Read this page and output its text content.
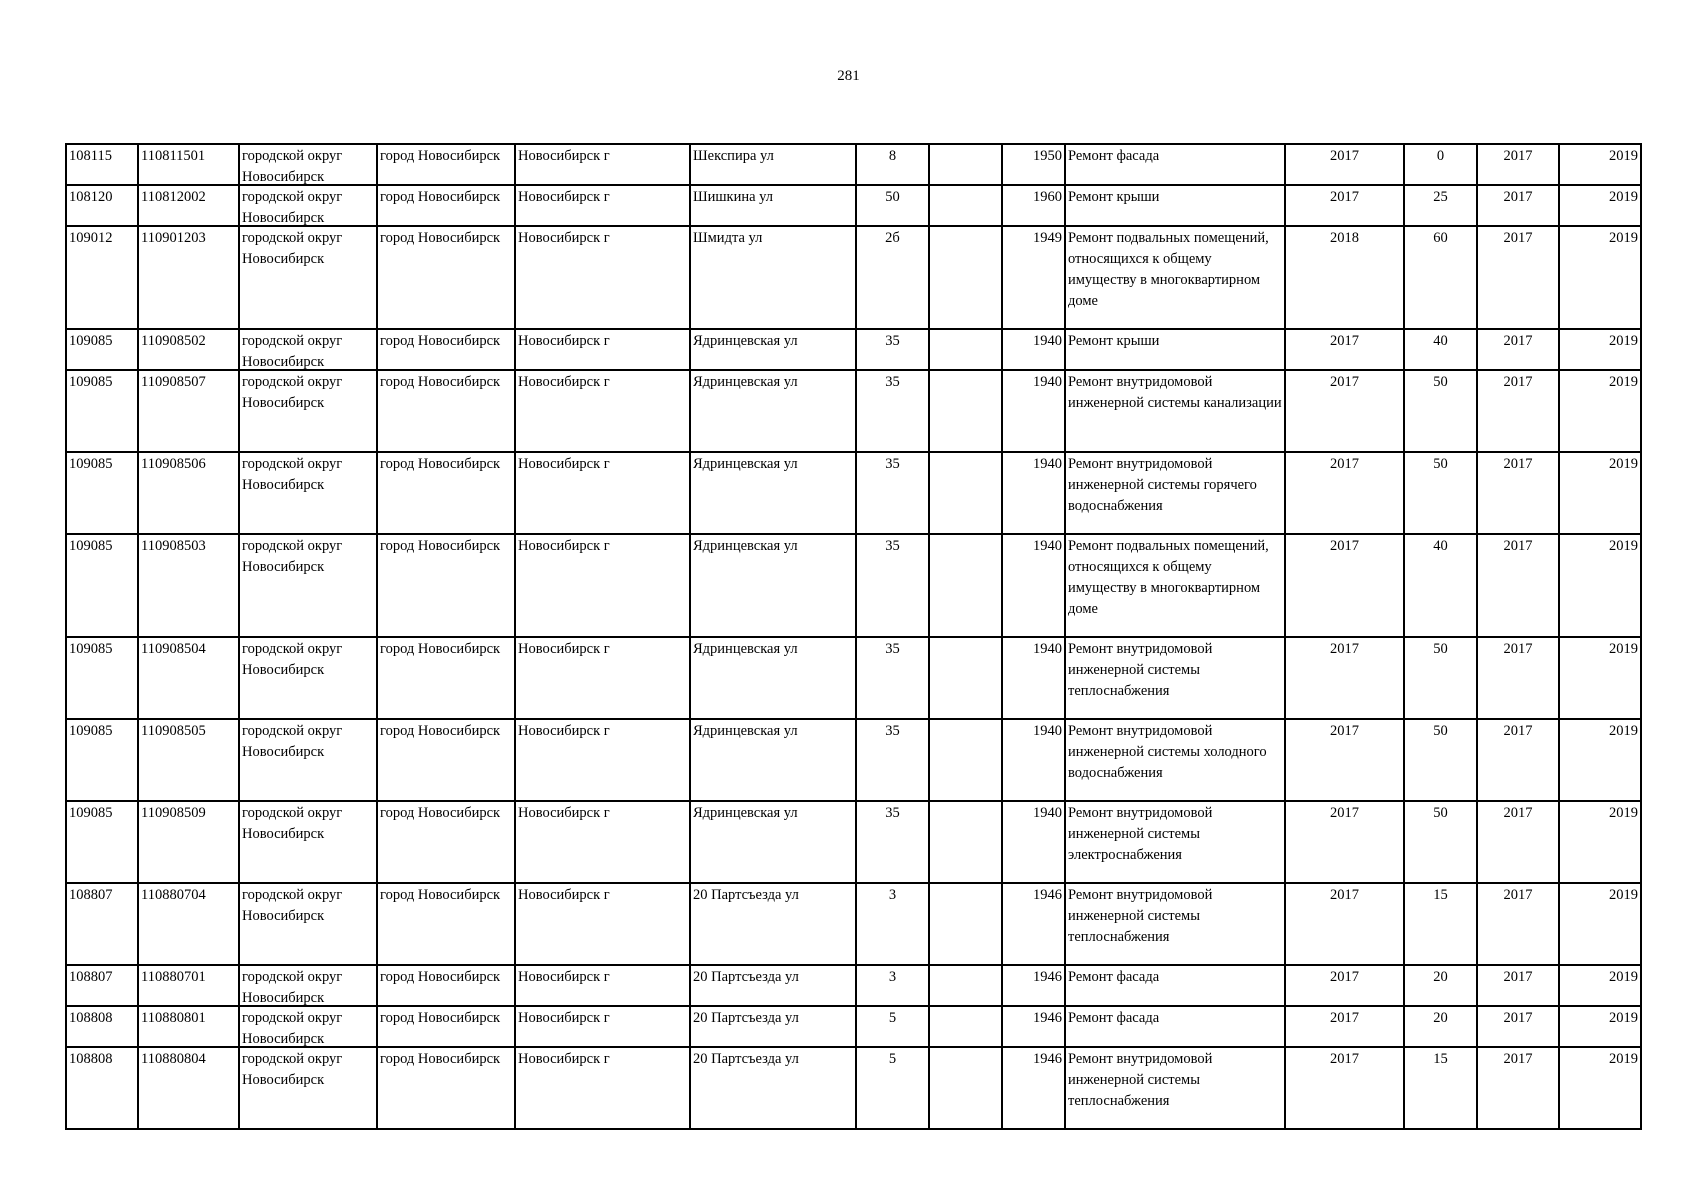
281
108115	110811501	городской округ Новосибирск	город Новосибирск	Новосибирск г	Шекспира ул	8		1950	Ремонт фасада	2017	0	2017	2019

108120	110812002	городской округ Новосибирск	город Новосибирск	Новосибирск г	Шишкина ул	50		1960	Ремонт крыши	2017	25	2017	2019

109012	110901203	городской округ Новосибирск	город Новосибирск	Новосибирск г	Шмидта ул	2б		1949	Ремонт подвальных помещений, относящихся к общему имуществу в многоквартирном доме	2018	60	2017	2019

109085	110908502	городской округ Новосибирск	город Новосибирск	Новосибирск г	Ядринцевская ул	35		1940	Ремонт крыши	2017	40	2017	2019

109085	110908507	городской округ Новосибирск	город Новосибирск	Новосибирск г	Ядринцевская ул	35		1940	Ремонт внутридомовой инженерной системы канализации	2017	50	2017	2019

109085	110908506	городской округ Новосибирск	город Новосибирск	Новосибирск г	Ядринцевская ул	35		1940	Ремонт внутридомовой инженерной системы горячего водоснабжения	2017	50	2017	2019

109085	110908503	городской округ Новосибирск	город Новосибирск	Новосибирск г	Ядринцевская ул	35		1940	Ремонт подвальных помещений, относящихся к общему имуществу в многоквартирном доме	2017	40	2017	2019

109085	110908504	городской округ Новосибирск	город Новосибирск	Новосибирск г	Ядринцевская ул	35		1940	Ремонт внутридомовой инженерной системы теплоснабжения	2017	50	2017	2019

109085	110908505	городской округ Новосибирск	город Новосибирск	Новосибирск г	Ядринцевская ул	35		1940	Ремонт внутридомовой инженерной системы холодного водоснабжения	2017	50	2017	2019

109085	110908509	городской округ Новосибирск	город Новосибирск	Новосибирск г	Ядринцевская ул	35		1940	Ремонт внутридомовой инженерной системы электроснабжения	2017	50	2017	2019

108807	110880704	городской округ Новосибирск	город Новосибирск	Новосибирск г	20 Партсъезда ул	3		1946	Ремонт внутридомовой инженерной системы теплоснабжения	2017	15	2017	2019

108807	110880701	городской округ Новосибирск	город Новосибирск	Новосибирск г	20 Партсъезда ул	3		1946	Ремонт фасада	2017	20	2017	2019

108808	110880801	городской округ Новосибирск	город Новосибирск	Новосибирск г	20 Партсъезда ул	5		1946	Ремонт фасада	2017	20	2017	2019

108808	110880804	городской округ Новосибирск	город Новосибирск	Новосибирск г	20 Партсъезда ул	5		1946	Ремонт внутридомовой инженерной системы теплоснабжения	2017	15	2017	2019
